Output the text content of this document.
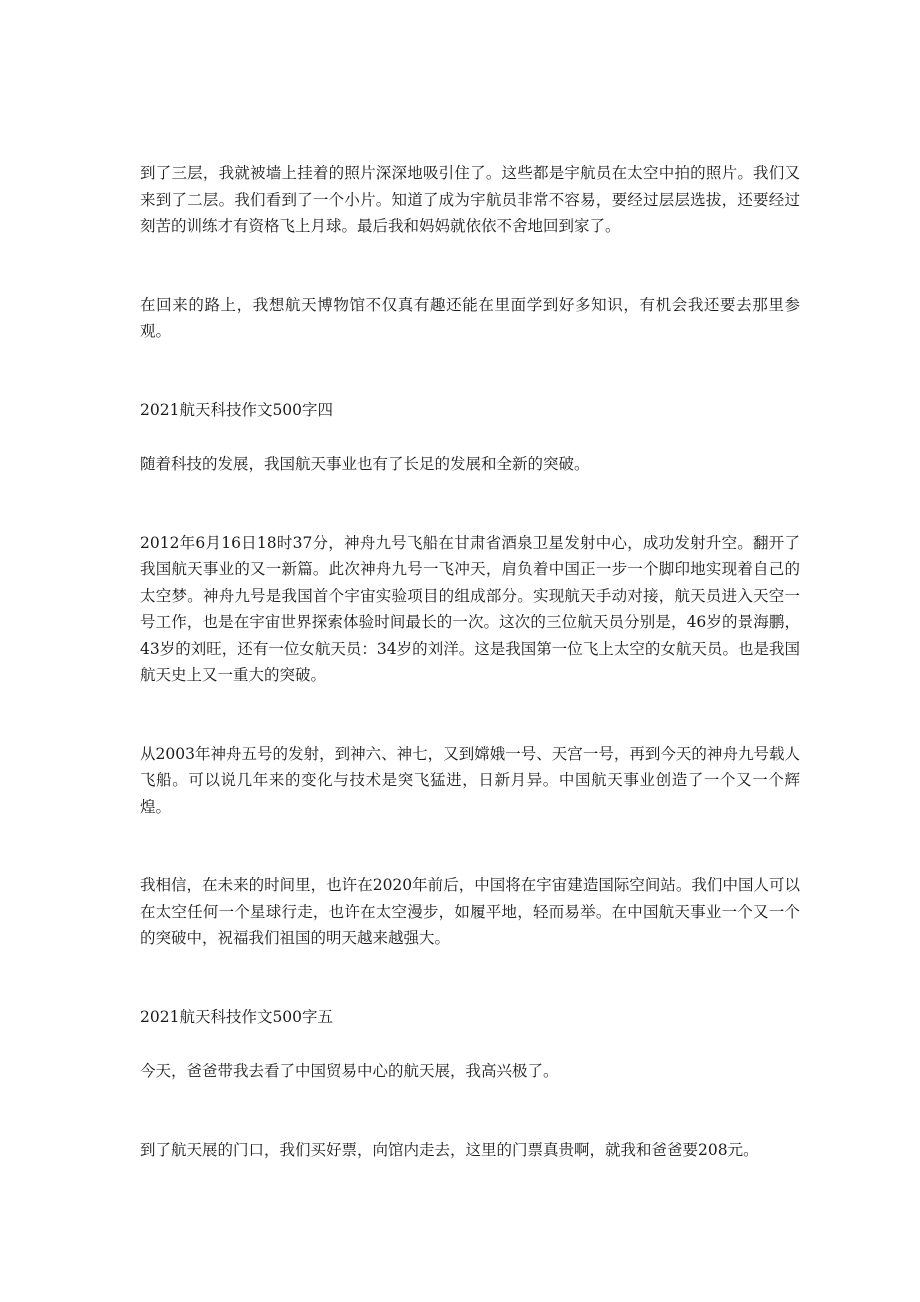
到了三层，我就被墙上挂着的照片深深地吸引住了。这些都是宇航员在太空中拍的照片。我们又来到了二层。我们看到了一个小片。知道了成为宇航员非常不容易，要经过层层选拔，还要经过刻苦的训练才有资格飞上月球。最后我和妈妈就依依不舍地回到家了。

在回来的路上，我想航天博物馆不仅真有趣还能在里面学到好多知识，有机会我还要去那里参观。

2021航天科技作文500字四

随着科技的发展，我国航天事业也有了长足的发展和全新的突破。

2012年6月16日18时37分，神舟九号飞船在甘肃省酒泉卫星发射中心，成功发射升空。翻开了我国航天事业的又一新篇。此次神舟九号一飞冲天，肩负着中国正一步一个脚印地实现着自己的太空梦。神舟九号是我国首个宇宙实验项目的组成部分。实现航天手动对接，航天员进入天空一号工作，也是在宇宙世界探索体验时间最长的一次。这次的三位航天员分别是，46岁的景海鹏，43岁的刘旺，还有一位女航天员：34岁的刘洋。这是我国第一位飞上太空的女航天员。也是我国航天史上又一重大的突破。

从2003年神舟五号的发射，到神六、神七，又到嫦娥一号、天宫一号，再到今天的神舟九号载人飞船。可以说几年来的变化与技术是突飞猛进，日新月异。中国航天事业创造了一个又一个辉煌。

我相信，在未来的时间里，也许在2020年前后，中国将在宇宙建造国际空间站。我们中国人可以在太空任何一个星球行走，也许在太空漫步，如履平地，轻而易举。在中国航天事业一个又一个的突破中，祝福我们祖国的明天越来越强大。

2021航天科技作文500字五

今天，爸爸带我去看了中国贸易中心的航天展，我高兴极了。

到了航天展的门口，我们买好票，向馆内走去，这里的门票真贵啊，就我和爸爸要208元。
